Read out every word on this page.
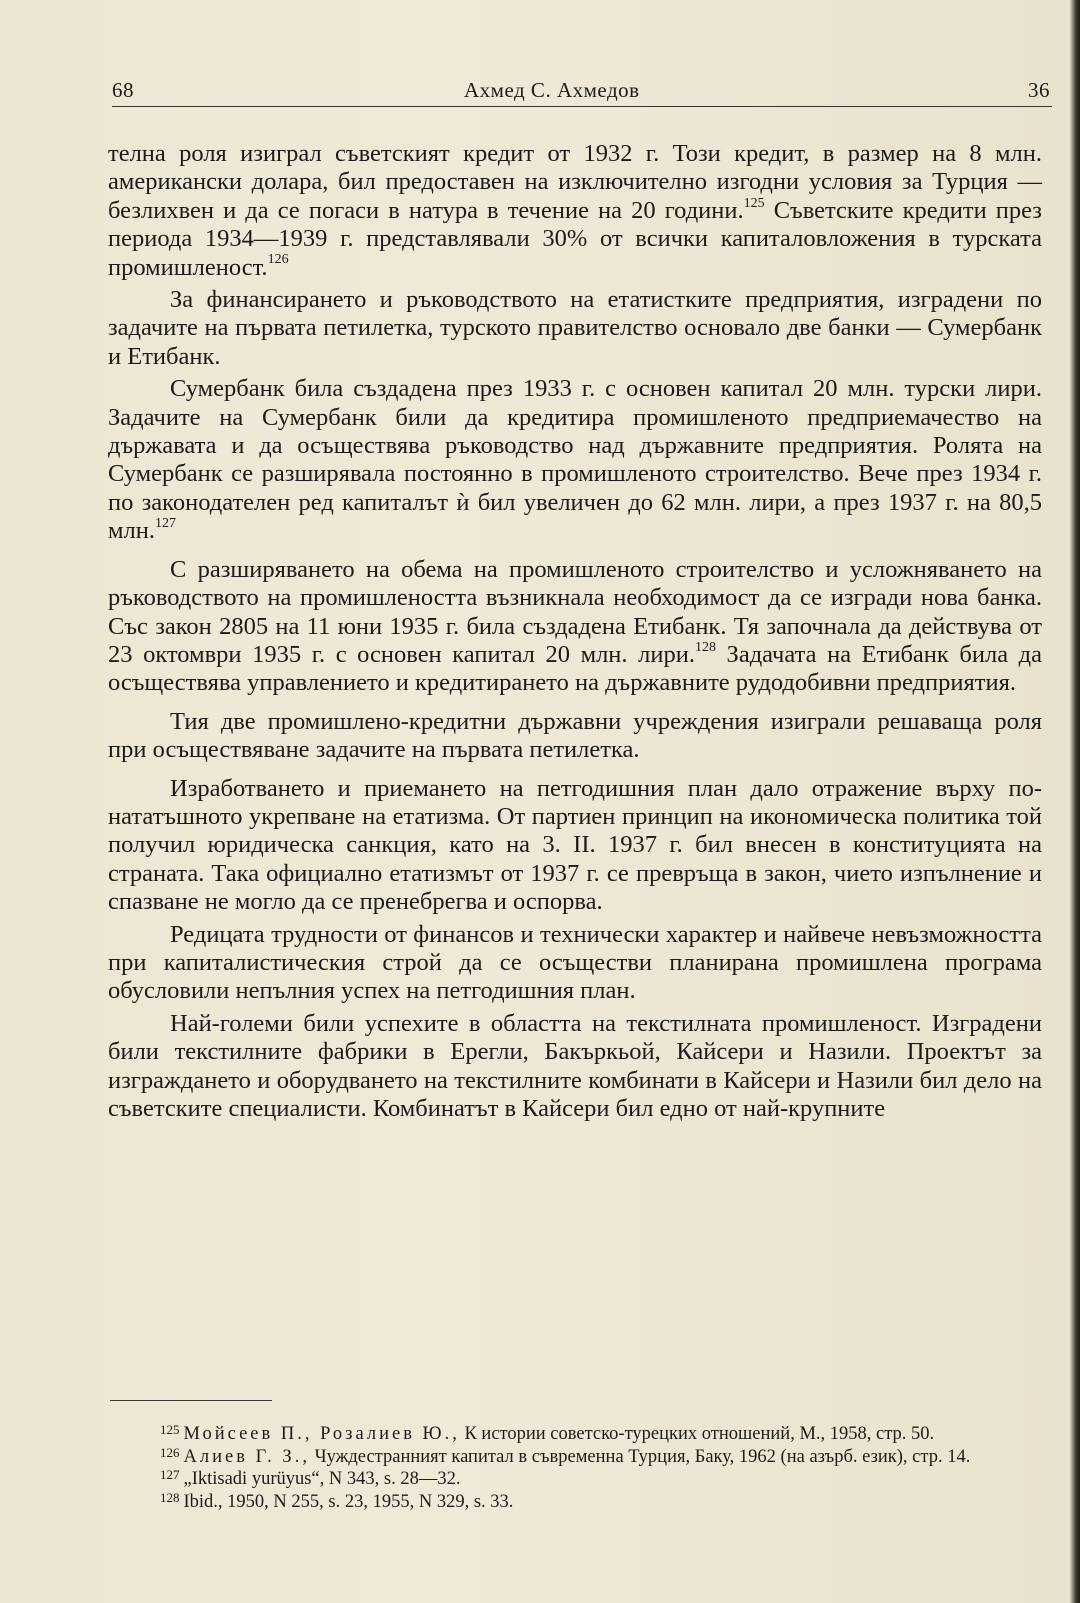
68	Ахмед С. Ахмедов	36

телна роля изиграл съветският кредит от 1932 г. Този кредит, в размер на 8 млн. американски долара, бил предоставен на изключително изгодни условия за Турция — безлихвен и да се погаси в натура в течение на 20 години.$^{125}$ Съветските кредити през периода 1934—1939 г. представлявали 30% от всички капиталовложения в турската промишленост.$^{126}$

За финансирането и ръководството на етатистките предприятия, изградени по задачите на първата петилетка, турското правителство основало две банки — Сумербанк и Етибанк.

Сумербанк била създадена през 1933 г. с основен капитал 20 млн. турски лири. Задачите на Сумербанк били да кредитира промишленото предприемачество на държавата и да осъществява ръководство над държавните предприятия. Ролята на Сумербанк се разширявала постоянно в промишленото строителство. Вече през 1934 г. по законодателен ред капиталът ѝ бил увеличен до 62 млн. лири, а през 1937 г. на 80,5 млн.$^{127}$

С разширяването на обема на промишленото строителство и усложняването на ръководството на промишлеността възникнала необходимост да се изгради нова банка. Със закон 2805 на 11 юни 1935 г. била създадена Етибанк. Тя започнала да действува от 23 октомври 1935 г. с основен капитал 20 млн. лири.$^{128}$ Задачата на Етибанк била да осъществява управлението и кредитирането на държавните рудодобивни предприятия.

Тия две промишлено-кредитни държавни учреждения изиграли решаваща роля при осъществяване задачите на първата петилетка.

Изработването и приемането на петгодишния план дало отражение върху по-нататъшното укрепване на етатизма. От партиен принцип на икономическа политика той получил юридическа санкция, като на 3. II. 1937 г. бил внесен в конституцията на страната. Така официално етатизмът от 1937 г. се превръща в закон, чието изпълнение и спазване не могло да се пренебрегва и оспорва.

Редицата трудности от финансов и технически характер и найвече невъзможността при капиталистическия строй да се осъществи планирана промишлена програма обусловили непълния успех на петгодишния план.

Най-големи били успехите в областта на текстилната промишленост. Изградени били текстилните фабрики в Ерегли, Бакъркьой, Кайсери и Назили. Проектът за изграждането и оборудването на текстилните комбинати в Кайсери и Назили бил дело на съветските специалисти. Комбинатът в Кайсери бил едно от най-крупните

$^{125}$ Мойсеев П., Розалиев Ю., К истории советско-турецких отношений, М., 1958, стр. 50.

$^{126}$ Алиев Г. З., Чуждестранният капитал в съвременна Турция, Баку, 1962 (на азърб. език), стр. 14.

$^{127}$ „Iktisadi yurüyus“, N 343, s. 28—32.

$^{128}$ Ibid., 1950, N 255, s. 23, 1955, N 329, s. 33.
